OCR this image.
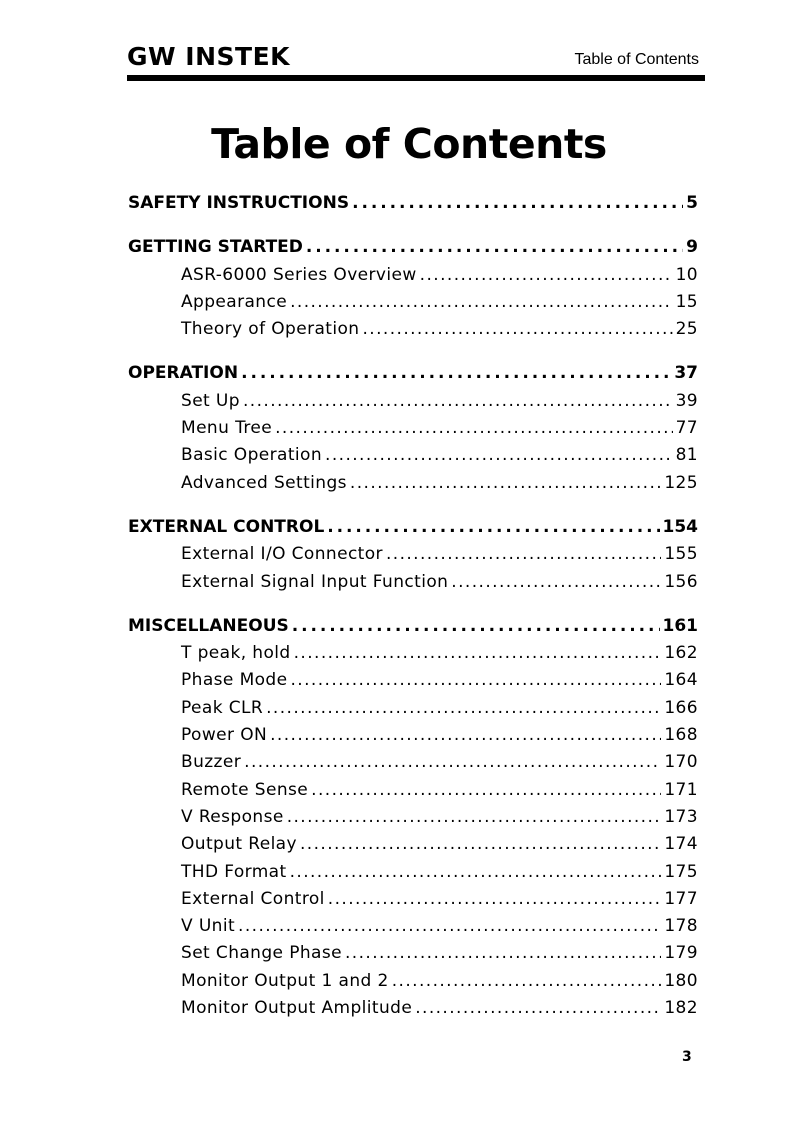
GW INSTEK	Table of Contents
Table of Contents
SAFETY INSTRUCTIONS . . .	5
GETTING STARTED . . .	9
ASR-6000 Series Overview . . .	10
Appearance . . .	15
Theory of Operation . . .	25
OPERATION . . .	37
Set Up . . .	39
Menu Tree . . .	77
Basic Operation . . .	81
Advanced Settings . . .	125
EXTERNAL CONTROL . . .	154
External I/O Connector . . .	155
External Signal Input Function . . .	156
MISCELLANEOUS . . .	161
T peak, hold . . .	162
Phase Mode . . .	164
Peak CLR . . .	166
Power ON . . .	168
Buzzer . . .	170
Remote Sense . . .	171
V Response . . .	173
Output Relay . . .	174
THD Format . . .	175
External Control . . .	177
V Unit . . .	178
Set Change Phase . . .	179
Monitor Output 1 and 2 . . .	180
Monitor Output Amplitude . . .	182
3
